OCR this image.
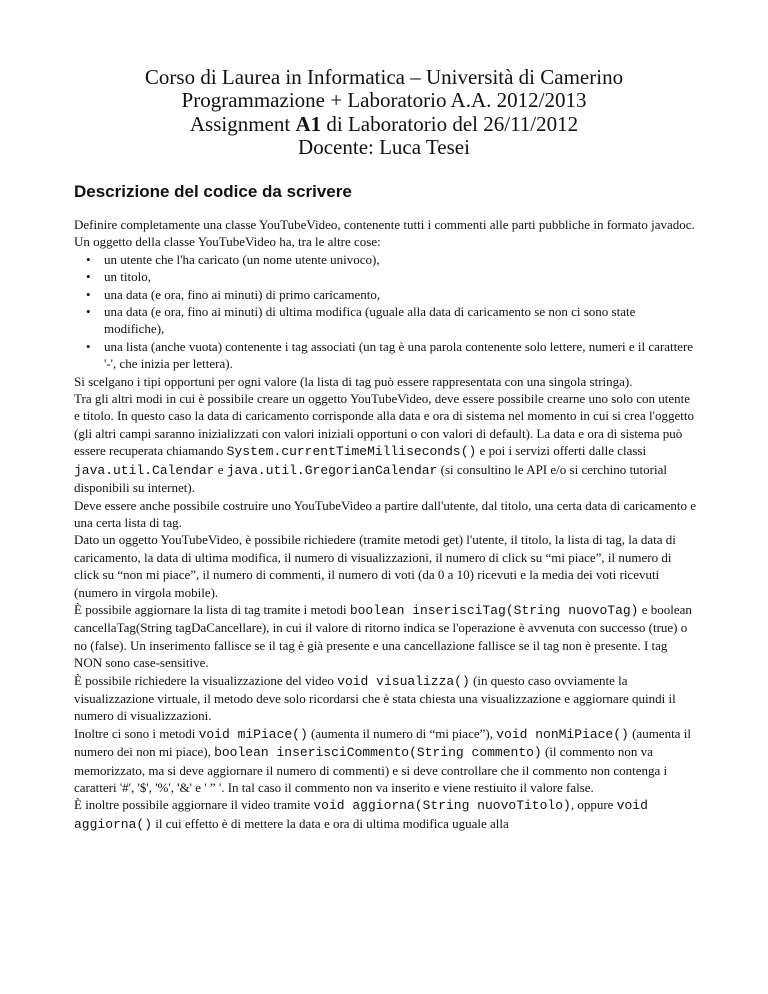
Corso di Laurea in Informatica – Università di Camerino
Programmazione + Laboratorio A.A. 2012/2013
Assignment A1 di Laboratorio del 26/11/2012
Docente: Luca Tesei
Descrizione del codice da scrivere

Definire completamente una classe YouTubeVideo, contenente tutti i commenti alle parti pubbliche in formato javadoc.

Un oggetto della classe YouTubeVideo ha, tra le altre cose:

• un utente che l'ha caricato (un nome utente univoco),
• un titolo,
• una data (e ora, fino ai minuti) di primo caricamento,
• una data (e ora, fino ai minuti) di ultima modifica (uguale alla data di caricamento se non ci sono state modifiche),
• una lista (anche vuota) contenente i tag associati (un tag è una parola contenente solo lettere, numeri e il carattere '-', che inizia per lettera).

Si scelgano i tipi opportuni per ogni valore (la lista di tag può essere rappresentata con una singola stringa).

Tra gli altri modi in cui è possibile creare un oggetto YouTubeVideo, deve essere possibile crearne uno solo con utente e titolo. In questo caso la data di caricamento corrisponde alla data e ora di sistema nel momento in cui si crea l'oggetto (gli altri campi saranno inizializzati con valori iniziali opportuni o con valori di default). La data e ora di sistema può essere recuperata chiamando System.currentTimeMilliseconds() e poi i servizi offerti dalle classi java.util.Calendar e java.util.GregorianCalendar (si consultino le API e/o si cerchino tutorial disponibili su internet).

Deve essere anche possibile costruire uno YouTubeVideo a partire dall'utente, dal titolo, una certa data di caricamento e una certa lista di tag.

Dato un oggetto YouTubeVideo, è possibile richiedere (tramite metodi get) l'utente, il titolo, la lista di tag, la data di caricamento, la data di ultima modifica, il numero di visualizzazioni, il numero di click su “mi piace”, il numero di click su “non mi piace”, il numero di commenti, il numero di voti (da 0 a 10) ricevuti e la media dei voti ricevuti (numero in virgola mobile).

È possibile aggiornare la lista di tag tramite i metodi boolean inserisciTag(String nuovoTag) e boolean cancellaTag(String tagDaCancellare), in cui il valore di ritorno indica se l'operazione è avvenuta con successo (true) o no (false). Un inserimento fallisce se il tag è già presente e una cancellazione fallisce se il tag non è presente. I tag NON sono case-sensitive.

È possibile richiedere la visualizzazione del video void visualizza() (in questo caso ovviamente la visualizzazione virtuale, il metodo deve solo ricordarsi che è stata chiesta una visualizzazione e aggiornare quindi il numero di visualizzazioni.

Inoltre ci sono i metodi void miPiace() (aumenta il numero di “mi piace”), void nonMiPiace() (aumenta il numero dei non mi piace), boolean inserisciCommento(String commento) (il commento non va memorizzato, ma si deve aggiornare il numero di commenti) e si deve controllare che il commento non contenga i caratteri '#', '$', '%', '&' e ' ” '. In tal caso il commento non va inserito e viene restiuito il valore false.

È inoltre possibile aggiornare il video tramite void aggiorna(String nuovoTitolo), oppure void aggiorna() il cui effetto è di mettere la data e ora di ultima modifica uguale alla
